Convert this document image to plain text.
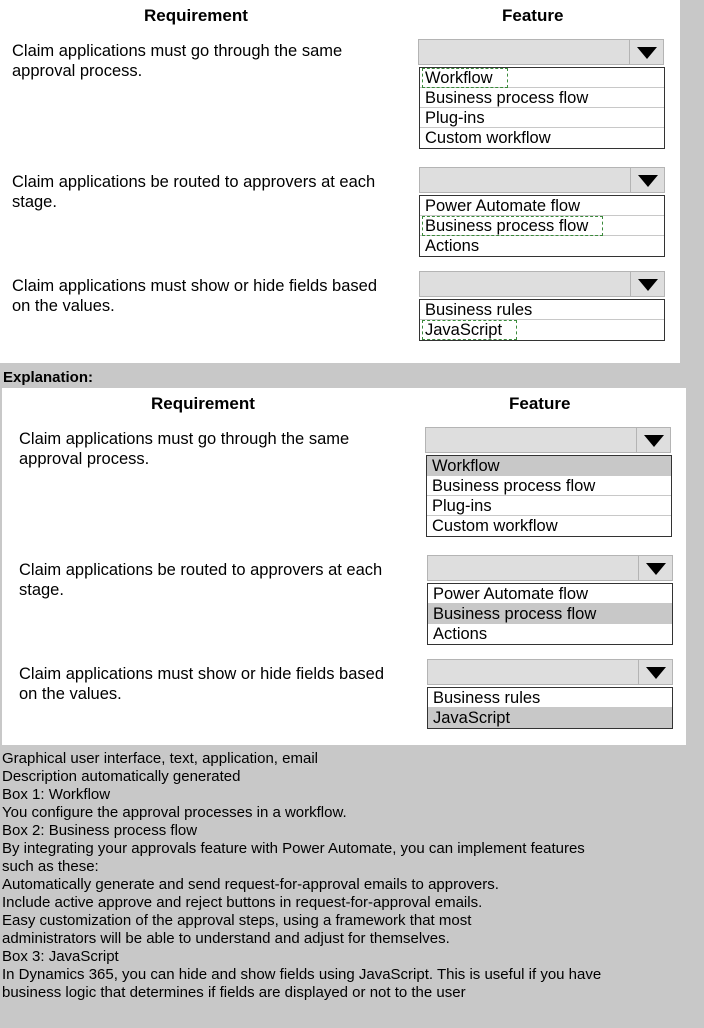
Requirement	Feature
Claim applications must go through the same approval process.	Workflow
Business process flow
Plug-ins
Custom workflow
Claim applications be routed to approvers at each stage.	Power Automate flow
Business process flow
Actions
Claim applications must show or hide fields based on the values.	Business rules
JavaScript
Explanation:
Requirement	Feature
Claim applications must go through the same approval process.	Workflow
Business process flow
Plug-ins
Custom workflow
Claim applications be routed to approvers at each stage.	Power Automate flow
Business process flow
Actions
Claim applications must show or hide fields based on the values.	Business rules
JavaScript
Graphical user interface, text, application, email
Description automatically generated
Box 1: Workflow
You configure the approval processes in a workflow.
Box 2: Business process flow
By integrating your approvals feature with Power Automate, you can implement features
such as these:
Automatically generate and send request-for-approval emails to approvers.
Include active approve and reject buttons in request-for-approval emails.
Easy customization of the approval steps, using a framework that most
administrators will be able to understand and adjust for themselves.
Box 3: JavaScript
In Dynamics 365, you can hide and show fields using JavaScript. This is useful if you have
business logic that determines if fields are displayed or not to the user
